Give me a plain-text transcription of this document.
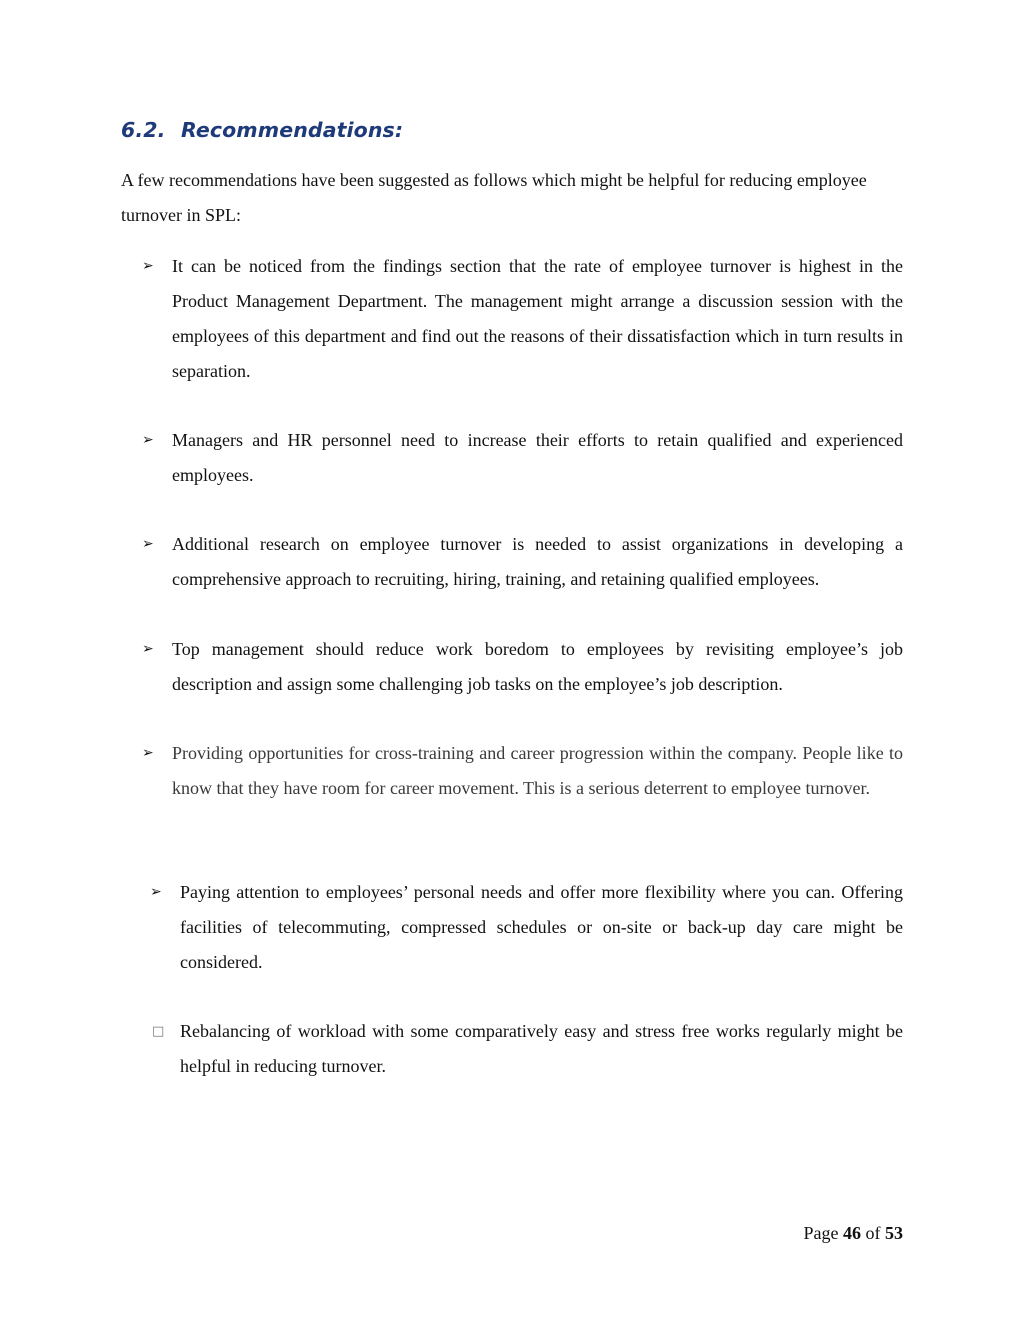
6.2. Recommendations:

A few recommendations have been suggested as follows which might be helpful for reducing employee turnover in SPL:

➢	It can be noticed from the findings section that the rate of employee turnover is highest in the Product Management Department. The management might arrange a discussion session with the employees of this department and find out the reasons of their dissatisfaction which in turn results in separation.
➢	Managers and HR personnel need to increase their efforts to retain qualified and experienced employees.
➢	Additional research on employee turnover is needed to assist organizations in developing a comprehensive approach to recruiting, hiring, training, and retaining qualified employees.
➢	Top management should reduce work boredom to employees by revisiting employee’s job description and assign some challenging job tasks on the employee’s job description.
➢	Providing opportunities for cross-training and career progression within the company. People like to know that they have room for career movement. This is a serious deterrent to employee turnover.
➢	Paying attention to employees’ personal needs and offer more flexibility where you can. Offering facilities of telecommuting, compressed schedules or on-site or back-up day care might be considered.
□ Rebalancing of workload with some comparatively easy and stress free works regularly might be helpful in reducing turnover.

Page 46 of 53
